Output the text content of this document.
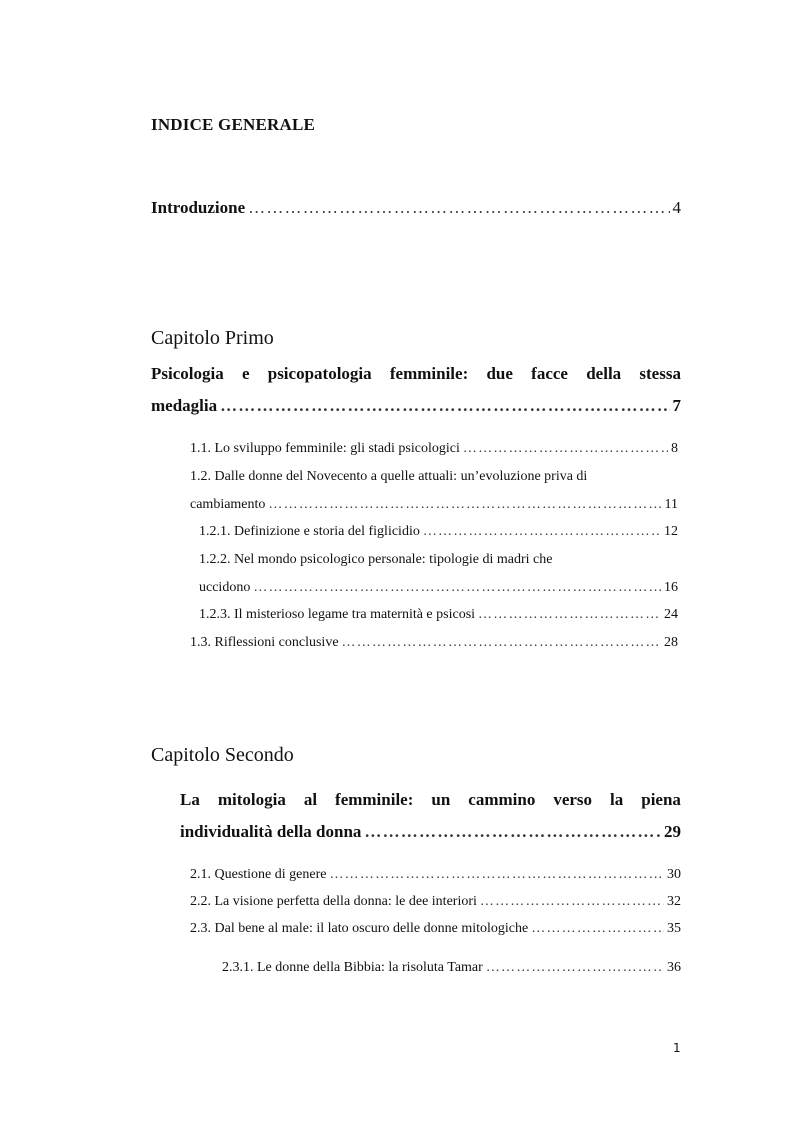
INDICE GENERALE
Introduzione …………………………………………………………………………………………………………………………………………………………………………	4
Capitolo Primo
Psicologia e psicopatologia femminile: due facce della stessa
medaglia …………………………………………………………………………………………………………………………………………………………………………	7
1.1. Lo sviluppo femminile: gli stadi psicologici …………………………………………………………………………………………………………………………………………………………………………	8
1.2. Dalle donne del Novecento a quelle attuali: un’evoluzione priva di
cambiamento …………………………………………………………………………………………………………………………………………………………………………	11
1.2.1. Definizione e storia del figlicidio …………………………………………………………………………………………………………………………………………………………………………	12
1.2.2. Nel mondo psicologico personale: tipologie di madri che
uccidono …………………………………………………………………………………………………………………………………………………………………………	16
1.2.3. Il misterioso legame tra maternità e psicosi …………………………………………………………………………………………………………………………………………………………………………	24
1.3. Riflessioni conclusive …………………………………………………………………………………………………………………………………………………………………………	28
Capitolo Secondo
La mitologia al femminile: un cammino verso la piena
individualità della donna …………………………………………………………………………………………………………………………………………………………………………	29
2.1. Questione di genere …………………………………………………………………………………………………………………………………………………………………………	30
2.2. La visione perfetta della donna: le dee interiori …………………………………………………………………………………………………………………………………………………………………………	32
2.3. Dal bene al male: il lato oscuro delle donne mitologiche …………………………………………………………………………………………………………………………………………………………………………	35
2.3.1. Le donne della Bibbia: la risoluta Tamar …………………………………………………………………………………………………………………………………………………………………………	36
1
